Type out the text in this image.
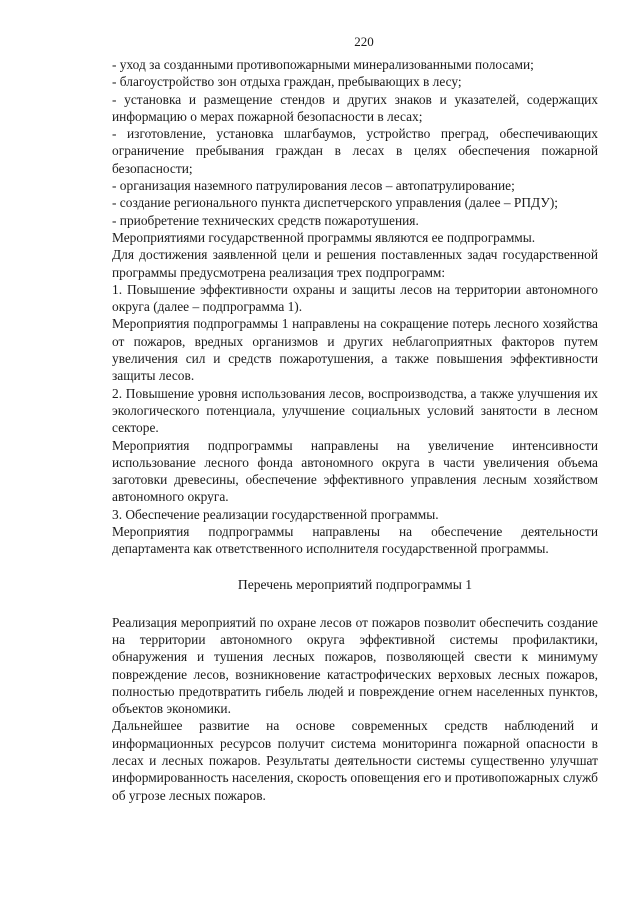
220

- уход за созданными противопожарными минерализованными полосами;

- благоустройство зон отдыха граждан, пребывающих в лесу;

- установка и размещение стендов и других знаков и указателей, содержащих информацию о мерах пожарной безопасности в лесах;

- изготовление, установка шлагбаумов, устройство преград, обеспечивающих ограничение пребывания граждан в лесах в целях обеспечения пожарной безопасности;

- организация наземного патрулирования лесов – автопатрулирование;

- создание регионального пункта диспетчерского управления (далее – РПДУ);

- приобретение технических средств пожаротушения.

Мероприятиями государственной программы являются ее подпрограммы.

Для достижения заявленной цели и решения поставленных задач государственной программы предусмотрена реализация трех подпрограмм:

1. Повышение эффективности охраны и защиты лесов на территории автономного округа (далее – подпрограмма 1).

Мероприятия подпрограммы 1 направлены на сокращение потерь лесного хозяйства от пожаров, вредных организмов и других неблагоприятных факторов путем увеличения сил и средств пожаротушения, а также повышения эффективности защиты лесов.

2. Повышение уровня использования лесов, воспроизводства, а также улучшения их экологического потенциала, улучшение социальных условий занятости в лесном секторе.

Мероприятия подпрограммы направлены на увеличение интенсивности использование лесного фонда автономного округа в части увеличения объема заготовки древесины, обеспечение эффективного управления лесным хозяйством автономного округа.

3. Обеспечение реализации государственной программы.

Мероприятия подпрограммы направлены на обеспечение деятельности департамента как ответственного исполнителя государственной программы.

Перечень мероприятий подпрограммы 1

Реализация мероприятий по охране лесов от пожаров позволит обеспечить создание на территории автономного округа эффективной системы профилактики, обнаружения и тушения лесных пожаров, позволяющей свести к минимуму повреждение лесов, возникновение катастрофических верховых лесных пожаров, полностью предотвратить гибель людей и повреждение огнем населенных пунктов, объектов экономики.

Дальнейшее развитие на основе современных средств наблюдений и информационных ресурсов получит система мониторинга пожарной опасности в лесах и лесных пожаров. Результаты деятельности системы существенно улучшат информированность населения, скорость оповещения его и противопожарных служб об угрозе лесных пожаров.
